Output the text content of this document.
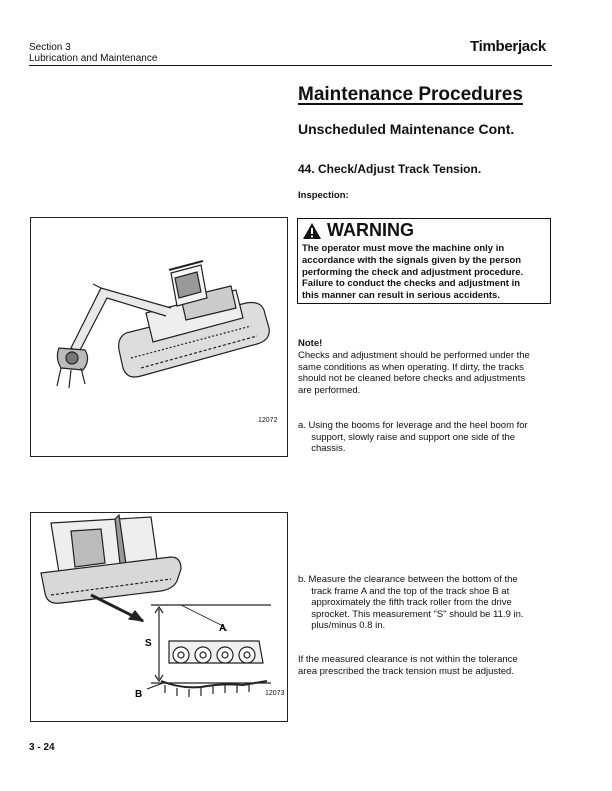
Section 3
Lubrication and Maintenance
Timberjack
Maintenance Procedures
Unscheduled Maintenance Cont.
44. Check/Adjust Track Tension.
Inspection:
WARNING
The operator must move the machine only in
accordance with the signals given by the person
performing the check and adjustment procedure.
Failure to conduct the checks and adjustment in
this manner can result in serious accidents.
Note!
Checks and adjustment should be performed under the
same conditions as when operating. If dirty, the tracks
should not be cleaned before checks and adjustments
are performed.
a. Using the booms for leverage and the heel boom for
support, slowly raise and support one side of the
chassis.
b. Measure the clearance between the bottom of the
track frame A and the top of the track shoe B at
approximately the fifth track roller from the drive
sprocket. This measurement "S" should be 11.9 in.
plus/minus 0.8 in.
If the measured clearance is not within the tolerance
area prescribed the track tension must be adjusted.
12072
A
S
B	12073
3 - 24
